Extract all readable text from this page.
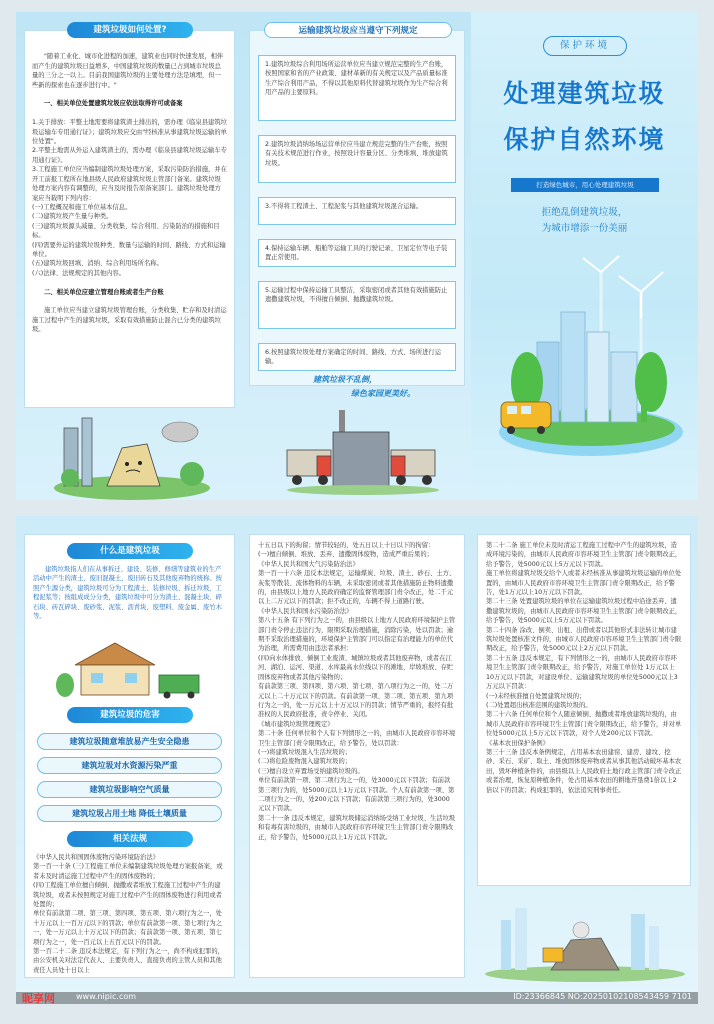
建筑垃圾如何处置?

"随着工业化、城市化进程的加速，建筑业也同时快速发展，相伴而产生的建筑垃圾日益增多，中国建筑垃圾的数量已占到城市垃圾总量的三分之一以上。目前我国建筑垃圾的主要处理方法是填埋，但一些新的探索也在逐步进行中。"

一、相关单位处置建筑垃圾应依法取得许可或备案

1.关于排放：平整土地需要将建筑渣土排出的，需办理《临泉县建筑垃圾运输车专用通行证》；建筑垃圾应交由"经核准从事建筑垃圾运输的单位处置"。
2.平整土地需从外运入建筑渣土的，需办理《临泉县建筑垃圾运输车专用通行证》。
3.工程施工单位应当编制建筑垃圾处理方案，采取污染防治措施，并在开工前报工程所在地县级人民政府建筑垃圾主管部门备案。建筑垃圾处理方案内容有调整的，应当及时报告原备案部门。建筑垃圾处理方案应当载明下列内容：
(一)工程概况和施工单位基本信息。
(二)建筑垃圾产生量与种类。
(三)建筑垃圾源头减量、分类收集、综合利用、污染防治的措施和目标。
(四)需要外运的建筑垃圾种类、数量与运输的时间、路线、方式和运输单位。
(五)建筑垃圾回填、消纳、综合利用场所名称。
(六)法律、法规规定的其他内容。

二、相关单位应建立管理台账或者生产台账

施工单位应当建立建筑垃圾管理台账，分类收集、贮存和及时清运施工过程中产生的建筑垃圾，采取有效措施防止混合已分类的建筑垃圾。

运输建筑垃圾应当遵守下列规定
1.建筑垃圾综合利用场所运营单位应当建立规范完整的生产台账，按照国家和省的产业政策、建材革新的有关规定以及产品质量标准生产综合利用产品，不得以其他原料代替建筑垃圾作为生产综合利用产品的主要原料。
2.建筑垃圾消纳场场运营单位应当建立规范完整的生产台账，按照有关技术规范进行作业，按照设计容量分区、分类堆填、堆放建筑垃圾。
3.不得将工程渣土、工程泥浆与其他建筑垃圾混合运输。
4.保持运输车辆、船舶等运输工具的行驶记录、卫星定位等电子装置正常使用。
5.运输过程中保持运输工具整洁，采取密闭或者其他有效措施防止遗撒建筑垃圾，不得擅自倾倒、抛撒建筑垃圾。
6.按照建筑垃圾处理方案确定的时间、路线、方式、场所进行运输。
建筑垃圾不乱倒，
绿色家园更美好。
保护环境
处理建筑垃圾
保护自然环境
打造绿色城市，用心处理建筑垃圾
拒绝乱倒建筑垃圾，
为城市增添一份美丽
什么是建筑垃圾
建筑垃圾指人们在从事拆迁、建设、装修、修缮等建筑业的生产活动中产生的渣土、废旧混凝土、废旧砖石及其他废弃物的统称。按照产生源分类，建筑垃圾可分为工程渣土、装修垃圾、拆迁垃圾、工程泥浆等；按组成成分分类，建筑垃圾中可分为渣土、混凝土块、碎石块、砖瓦碎块、废砂浆、泥浆、沥青块、废塑料、废金属、废竹木等。
建筑垃圾的危害
建筑垃圾随意堆放易产生安全隐患
建筑垃圾对水资源污染严重
建筑垃圾影响空气质量
建筑垃圾占用土地 降低土壤质量
相关法规
《中华人民共和国固体废物污染环境防治法》
第一百一十条 (三)工程施工单位未编制建筑垃圾处理方案报备案，或者未及时清运施工过程中产生的固体废物的；
(四)工程施工单位擅自倾倒、抛撒或者堆放工程施工过程中产生的建筑垃圾，或者未按照规定对施工过程中产生的固体废物进行利用或者处置的；
单位有前款第二项、第三项、第四项、第五项、第六项行为之一，处十万元以上一百万元以下的罚款；单位有前款第一项、第七项行为之一，处一万元以上十万元以下的罚款；有前款第一项、第五项、第七项行为之一，处一百元以上五百元以下的罚款。
第一百二十二条 违反本法规定，有下列行为之一，尚不构成犯罪的，由公安机关对法定代表人、主要负责人、直接负责的主管人员和其他责任人员处十日以上
十五日以下的拘留；情节较轻的，处五日以上十日以下的拘留：
(一)擅自倾倒、堆放、丢弃、遗撒固体废物，造成严重后果的；
《中华人民共和国大气污染防治法》
第一百一十六条 违反本法规定，运输煤炭、垃圾、渣土、砂石、土方、灰浆等散装、流体物料的车辆，未采取密闭或者其他措施防止物料遗撒的，由县级以上地方人民政府确定的监督管理部门责令改正，处二千元以上二万元以下的罚款；拒不改正的，车辆不得上道路行驶。
《中华人民共和国水污染防治法》
第八十五条 有下列行为之一的，由县级以上地方人民政府环境保护主管部门责令停止违法行为，限期采取治理措施，消除污染，处以罚款；逾期不采取治理措施的，环境保护主管部门可以指定有治理能力的单位代为治理，所需费用由违法者承担：
(四)向水体排放、倾倒工业废渣、城镇垃圾或者其他废弃物，或者在江河、湖泊、运河、渠道、水库最高水位线以下的滩地、岸坡堆放、存贮固体废弃物或者其他污染物的；
有前款第三项、第四项、第六项、第七项、第八项行为之一的，处二万元以上二十万元以下的罚款。有前款第一项、第二项、第五项、第九项行为之一的，处一万元以上十万元以下的罚款；情节严重的，报经有批准权的人民政府批准，责令停业、关闭。
《城市建筑垃圾管理规定》
第二十条 任何单位和个人有下列情形之一的，由城市人民政府市容环境卫生主管部门责令限期改正，给予警告，处以罚款：
(一)将建筑垃圾混入生活垃圾的；
(二)将危险废物混入建筑垃圾的；
(三)擅自设立弃置场受纳建筑垃圾的。
单位有前款第一项、第二项行为之一的，处3000元以下罚款；有前款第三项行为的，处5000元以上1万元以下罚款。个人有前款第一项、第二项行为之一的，处200元以下罚款；有前款第三项行为的，处3000元以下罚款。
第二十一条 违反本规定，建筑垃圾储运消纳场受纳工业垃圾、生活垃圾和有毒有害垃圾的，由城市人民政府市容环境卫生主管部门责令限期改正，给予警告，处5000元以上1万元以下罚款。
第二十二条 施工单位未及时清运工程施工过程中产生的建筑垃圾，造成环境污染的，由城市人民政府市容环境卫生主管部门责令限期改正，给予警告，处5000元以上5万元以下罚款。
施工单位将建筑垃圾交给个人或者未经核准从事建筑垃圾运输的单位处置的，由城市人民政府市容环境卫生主管部门责令限期改正，给予警告，处1万元以上10万元以下罚款。
第二十三条 处置建筑垃圾的单位在运输建筑垃圾过程中沿途丢弃、遗撒建筑垃圾的，由城市人民政府市容环境卫生主管部门责令限期改正，给予警告，处5000元以上5万元以下罚款。
第二十四条 涂改、倒卖、出租、出借或者以其他形式非法转让城市建筑垃圾处置核准文件的，由城市人民政府市容环境卫生主管部门责令限期改正，给予警告，处5000元以上2万元以下罚款。
第二十五条 违反本规定，有下列情形之一的，由城市人民政府市容环境卫生主管部门责令限期改正，给予警告，对施工单位处 1万元以上10万元以下罚款，对建设单位、运输建筑垃圾的单位处5000元以上3万元以下罚款：
(一)未经核准擅自处置建筑垃圾的；
(二)处置超出核准范围的建筑垃圾的。
第二十六条 任何单位和个人随意倾倒、抛撒或者堆放建筑垃圾的，由城市人民政府市容环境卫生主管部门责令限期改正，给予警告，并对单位处5000元以上5万元以下罚款，对个人处200元以下罚款。
《基本农田保护条例》
第三十三条 违反本条例规定，占用基本农田建窑、建房、建坟、挖砂、采石、采矿、取土、堆放固体废弃物或者从事其他活动破坏基本农田，毁坏种植条件的，由县级以上人民政府土地行政主管部门责令改正或者治理，恢复原种植条件，处占用基本农田的耕地开垦费1倍以上2倍以下的罚款；构成犯罪的，依法追究刑事责任。
昵享网	www.nipic.com	ID:23366845 NO:20250102108543459 7101
